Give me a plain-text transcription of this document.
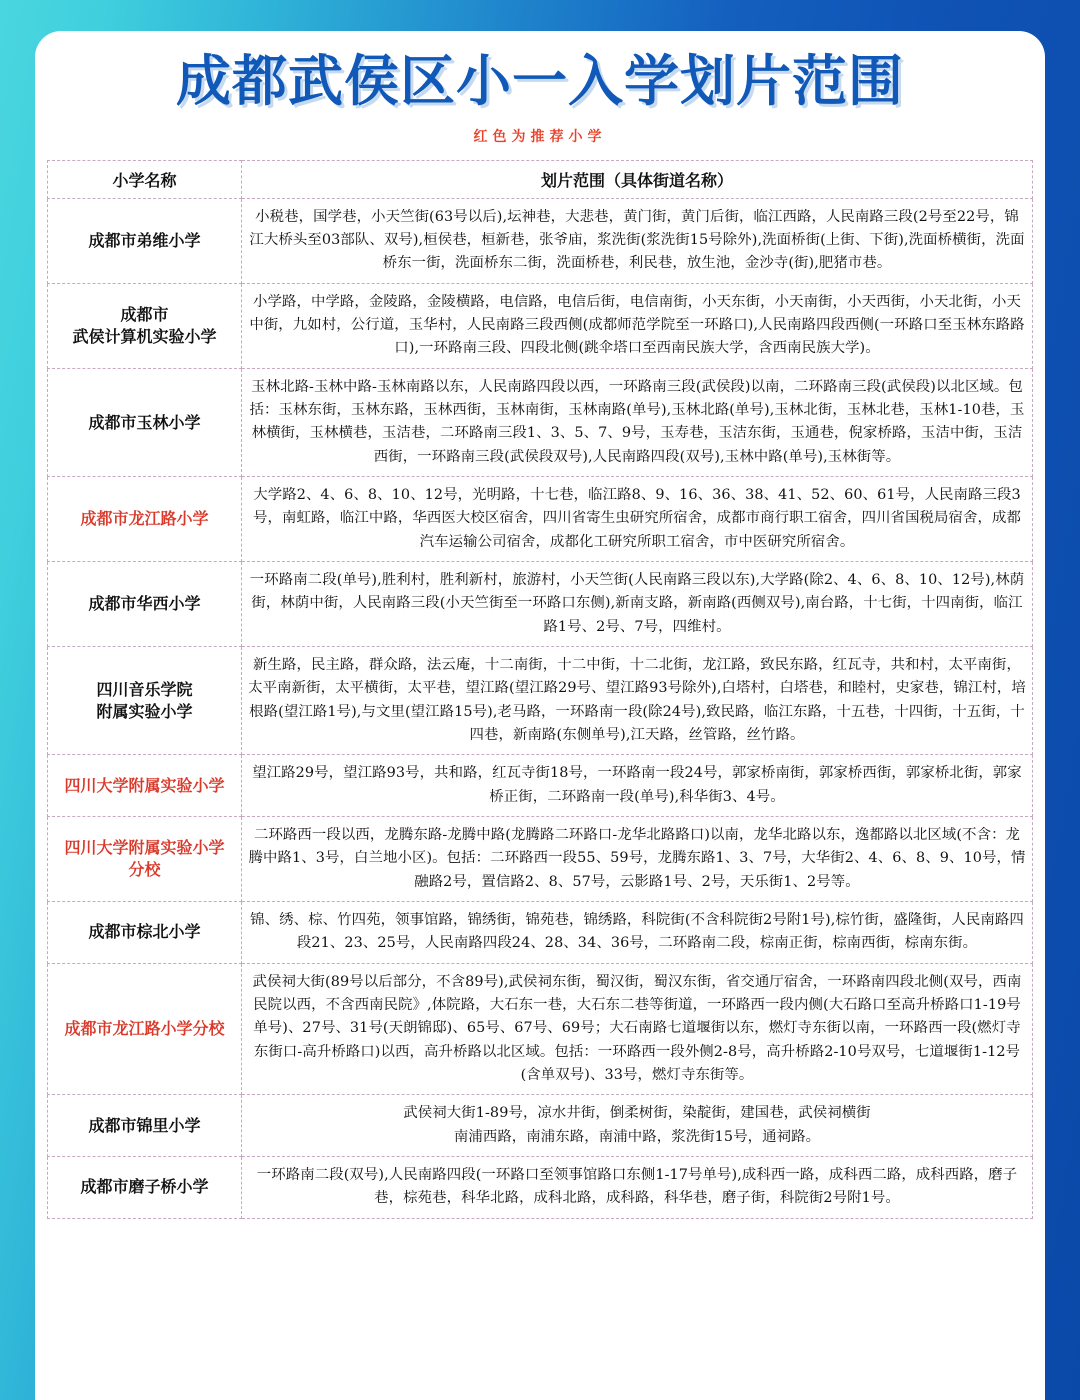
成都武侯区小一入学划片范围
红色为推荐小学
小学名称	划片范围（具体街道名称）
成都市弟维小学	小税巷，国学巷，小天竺街(63号以后),坛神巷，大悲巷，黄门街，黄门后街，临江西路，人民南路三段(2号至22号，锦江大桥头至03部队、双号),桓侯巷，桓新巷，张爷庙，浆洗街(浆洗街15号除外),洗面桥街(上街、下街),洗面桥横街，洗面桥东一街，洗面桥东二街，洗面桥巷，利民巷，放生池，金沙寺(街),肥猪市巷。
成都市
武侯计算机实验小学	小学路，中学路，金陵路，金陵横路，电信路，电信后街，电信南街，小天东街，小天南街，小天西街，小天北街，小天中街，九如村，公行道，玉华村，人民南路三段西侧(成都师范学院至一环路口),人民南路四段西侧(一环路口至玉林东路路口),一环路南三段、四段北侧(跳伞塔口至西南民族大学，含西南民族大学)。
成都市玉林小学	玉林北路-玉林中路-玉林南路以东，人民南路四段以西，一环路南三段(武侯段)以南，二环路南三段(武侯段)以北区域。包括：玉林东街，玉林东路，玉林西街，玉林南街，玉林南路(单号),玉林北路(单号),玉林北街，玉林北巷，玉林1-10巷，玉林横街，玉林横巷，玉洁巷，二环路南三段1、3、5、7、9号，玉寿巷，玉洁东街，玉通巷，倪家桥路，玉洁中街，玉洁西街，一环路南三段(武侯段双号),人民南路四段(双号),玉林中路(单号),玉林街等。
成都市龙江路小学	大学路2、4、6、8、10、12号，光明路，十七巷，临江路8、9、16、36、38、41、52、60、61号，人民南路三段3号，南虹路，临江中路，华西医大校区宿舍，四川省寄生虫研究所宿舍，成都市商行职工宿舍，四川省国税局宿舍，成都汽车运输公司宿舍，成都化工研究所职工宿舍，市中医研究所宿舍。
成都市华西小学	一环路南二段(单号),胜利村，胜利新村，旅游村，小天竺街(人民南路三段以东),大学路(除2、4、6、8、10、12号),林荫街，林荫中街，人民南路三段(小天竺街至一环路口东侧),新南支路，新南路(西侧双号),南台路，十七街，十四南街，临江路1号、2号、7号，四维村。
四川音乐学院
附属实验小学	新生路，民主路，群众路，法云庵，十二南街，十二中街，十二北街，龙江路，致民东路，红瓦寺，共和村，太平南街，太平南新街，太平横街，太平巷，望江路(望江路29号、望江路93号除外),白塔村，白塔巷，和睦村，史家巷，锦江村，培根路(望江路1号),与文里(望江路15号),老马路，一环路南一段(除24号),致民路，临江东路，十五巷，十四街，十五街，十四巷，新南路(东侧单号),江天路，丝管路，丝竹路。
四川大学附属实验小学	望江路29号，望江路93号，共和路，红瓦寺街18号，一环路南一段24号，郭家桥南街，郭家桥西街，郭家桥北街，郭家桥正街，二环路南一段(单号),科华街3、4号。
四川大学附属实验小学
分校	二环路西一段以西，龙腾东路-龙腾中路(龙腾路二环路口-龙华北路路口)以南，龙华北路以东，逸都路以北区域(不含：龙腾中路1、3号，白兰地小区)。包括：二环路西一段55、59号，龙腾东路1、3、7号，大华街2、4、6、8、9、10号，情融路2号，置信路2、8、57号，云影路1号、2号，天乐街1、2号等。
成都市棕北小学	锦、绣、棕、竹四苑，领事馆路，锦绣街，锦苑巷，锦绣路，科院街(不含科院街2号附1号),棕竹街，盛隆街，人民南路四段21、23、25号，人民南路四段24、28、34、36号，二环路南二段，棕南正街，棕南西街，棕南东街。
成都市龙江路小学分校	武侯祠大街(89号以后部分，不含89号),武侯祠东街，蜀汉街，蜀汉东街，省交通厅宿舍，一环路南四段北侧(双号，西南民院以西，不含西南民院》,体院路，大石东一巷，大石东二巷等街道，一环路西一段内侧(大石路口至高升桥路口1-19号单号)、27号、31号(天朗锦邸)、65号、67号、69号；大石南路七道堰街以东，燃灯寺东街以南，一环路西一段(燃灯寺东街口-高升桥路口)以西，高升桥路以北区域。包括：一环路西一段外侧2-8号，高升桥路2-10号双号，七道堰街1-12号(含单双号)、33号，燃灯寺东街等。
成都市锦里小学	武侯祠大街1-89号，凉水井街，倒柔树街，染靛街，建国巷，武侯祠横街
南浦西路，南浦东路，南浦中路，浆洗街15号，通祠路。
成都市磨子桥小学	一环路南二段(双号),人民南路四段(一环路口至领事馆路口东侧1-17号单号),成科西一路，成科西二路，成科西路，磨子巷，棕苑巷，科华北路，成科北路，成科路，科华巷，磨子街，科院街2号附1号。
